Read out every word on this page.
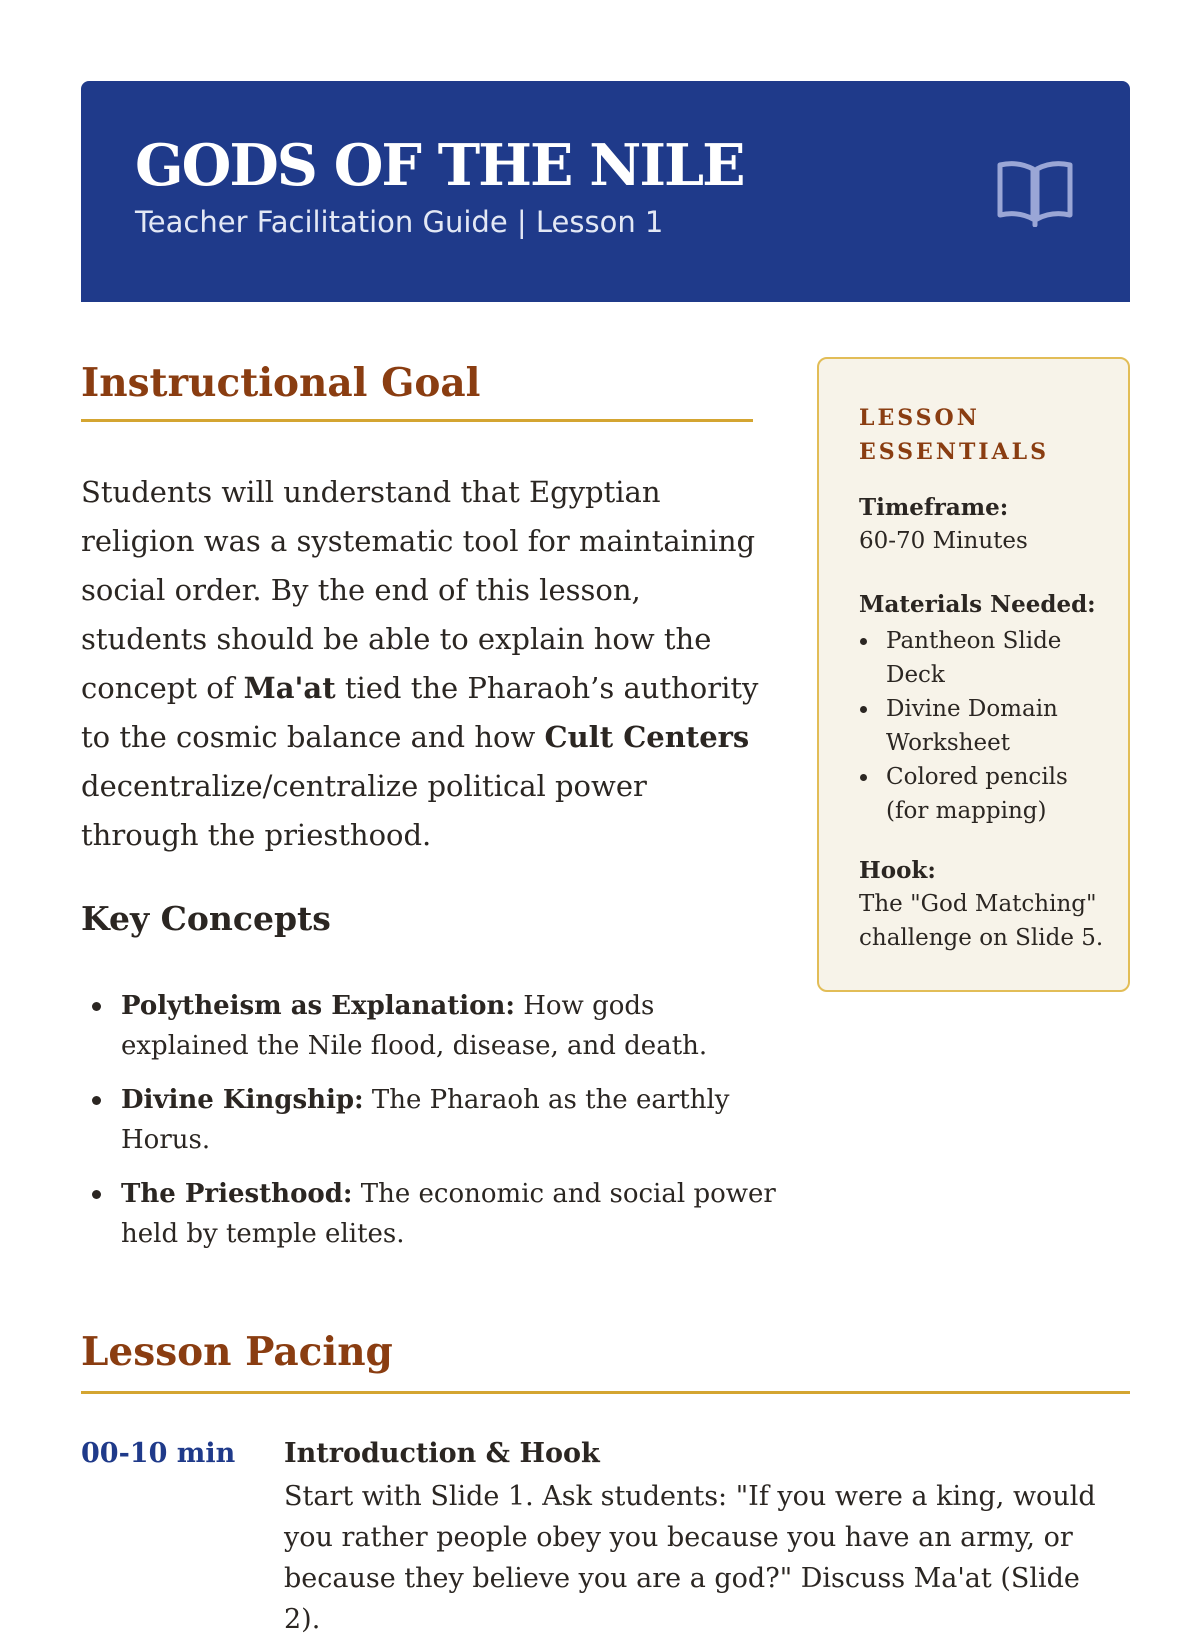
GODS OF THE NILE
Teacher Facilitation Guide | Lesson 1
Instructional Goal

Students will understand that Egyptian religion was a systematic tool for maintaining social order. By the end of this lesson, students should be able to explain how the concept of Ma'at tied the Pharaoh’s authority to the cosmic balance and how Cult Centers decentralize/centralize political power through the priesthood.

Key Concepts
Polytheism as Explanation: How gods explained the Nile flood, disease, and death.
Divine Kingship: The Pharaoh as the earthly Horus.
The Priesthood: The economic and social power held by temple elites.
LESSON ESSENTIALS
Timeframe:
60-70 Minutes
Materials Needed:
Pantheon Slide Deck
Divine Domain Worksheet
Colored pencils (for mapping)
Hook:
The "God Matching" challenge on Slide 5.
Lesson Pacing
00-10 min Introduction & Hook

Start with Slide 1. Ask students: "If you were a king, would you rather people obey you because you have an army, or because they believe you are a god?" Discuss Ma'at (Slide 2).
